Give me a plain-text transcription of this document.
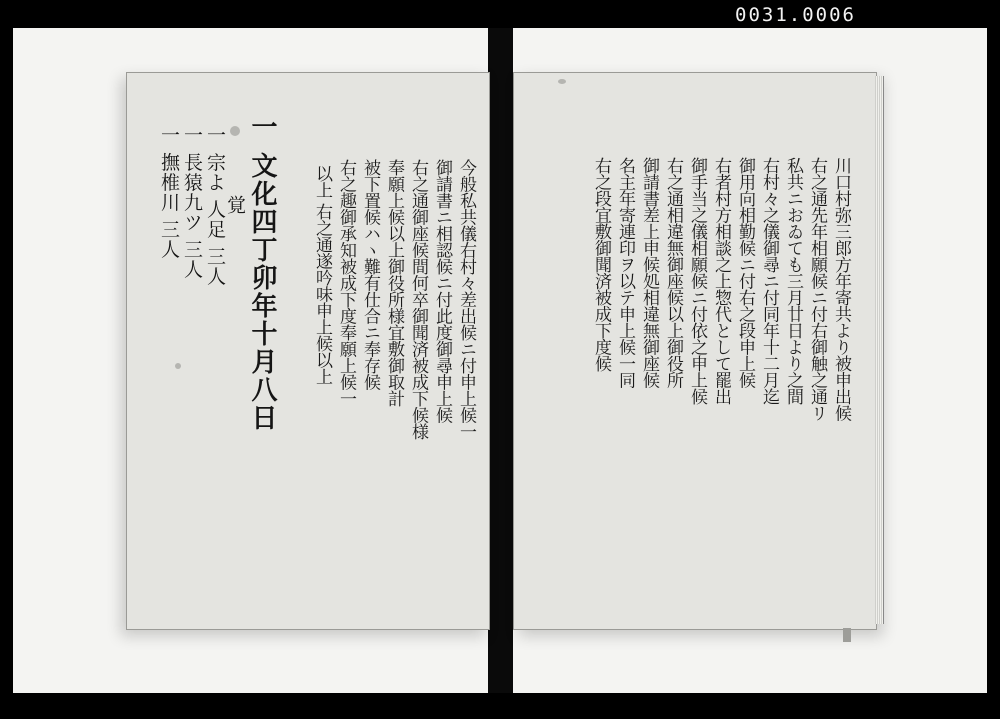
0031.0006
一 文化四丁卯年十月八日
覚
一 宗よ 人足 三人
一 長猿九ツ 三人
一 撫椎川 三人	今般私共儀右村々差出候ニ付申上候一
御請書ニ相認候ニ付此度御尋申上候
右之通御座候間何卒御聞済被成下候様
奉願上候以上御役所様宜敷御取計
被下置候ハヽ難有仕合ニ奉存候
右之趣御承知被成下度奉願上候一
以上 右之通遂吟味申上候以上	川口村弥三郎方年寄共より被申出候
右之通先年相願候ニ付右御触之通リ
私共ニおゐても三月廿日より之間
右村々之儀御尋ニ付同年十二月迄
御用向相勤候ニ付右之段申上候
右者村方相談之上惣代として罷出
御手当之儀相願候ニ付依之申上候
右之通相違無御座候以上御役所
御請書差上申候処相違無御座候
名主年寄連印ヲ以テ申上候一同
右之段宜敷御聞済被成下度候
